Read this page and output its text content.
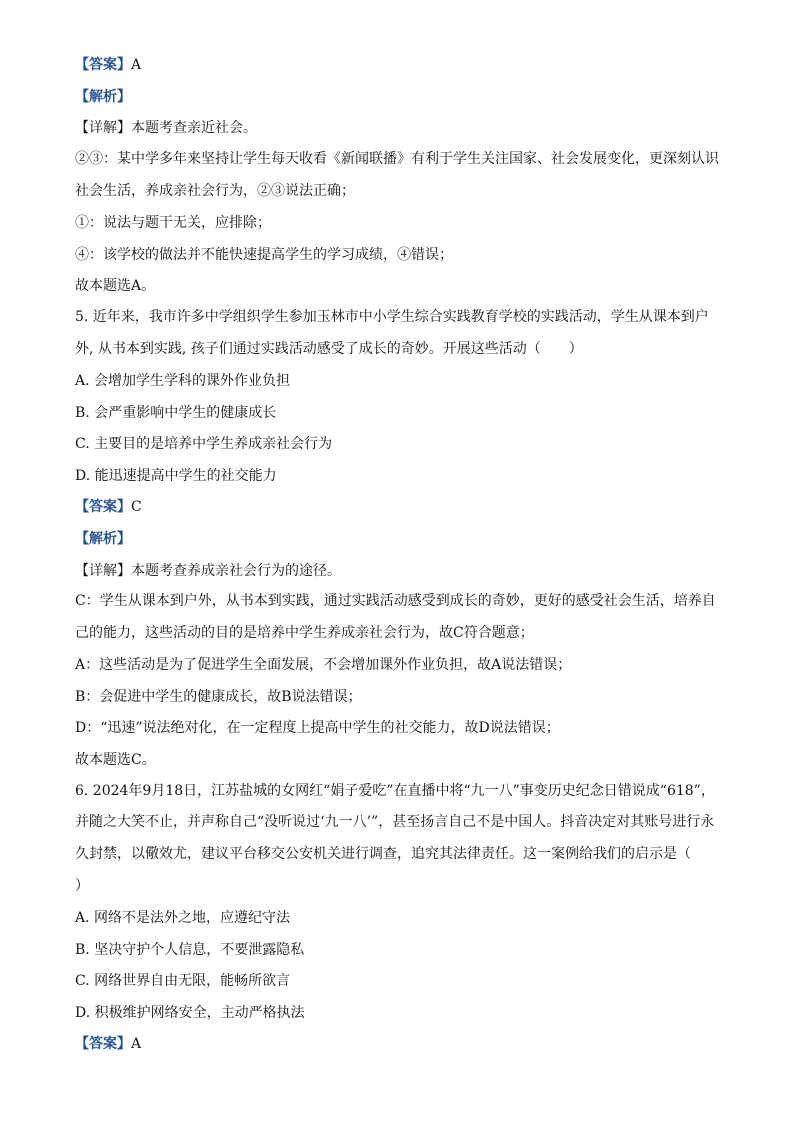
【答案】A
【解析】
【详解】本题考查亲近社会。
②③：某中学多年来坚持让学生每天收看《新闻联播》有利于学生关注国家、社会发展变化，更深刻认识社会生活，养成亲社会行为，②③说法正确；
①：说法与题干无关，应排除；
④：该学校的做法并不能快速提高学生的学习成绩，④错误；
故本题选A。
5. 近年来，我市许多中学组织学生参加玉林市中小学生综合实践教育学校的实践活动，学生从课本到户外, 从书本到实践, 孩子们通过实践活动感受了成长的奇妙。开展这些活动（　　）
A. 会增加学生学科的课外作业负担
B. 会严重影响中学生的健康成长
C. 主要目的是培养中学生养成亲社会行为
D. 能迅速提高中学生的社交能力
【答案】C
【解析】
【详解】本题考查养成亲社会行为的途径。
C：学生从课本到户外，从书本到实践，通过实践活动感受到成长的奇妙，更好的感受社会生活，培养自己的能力，这些活动的目的是培养中学生养成亲社会行为，故C符合题意；
A：这些活动是为了促进学生全面发展，不会增加课外作业负担，故A说法错误；
B：会促进中学生的健康成长，故B说法错误；
D：“迅速”说法绝对化，在一定程度上提高中学生的社交能力，故D说法错误；
故本题选C。
6. 2024年9月18日，江苏盐城的女网红“娟子爱吃”在直播中将“九一八”事变历史纪念日错说成“618”，并随之大笑不止，并声称自己“没听说过‘九一八’”，甚至扬言自己不是中国人。抖音决定对其账号进行永久封禁，以儆效尤，建议平台移交公安机关进行调查，追究其法律责任。这一案例给我们的启示是（　　）
A. 网络不是法外之地，应遵纪守法
B. 坚决守护个人信息，不要泄露隐私
C. 网络世界自由无限，能畅所欲言
D. 积极维护网络安全，主动严格执法
【答案】A
